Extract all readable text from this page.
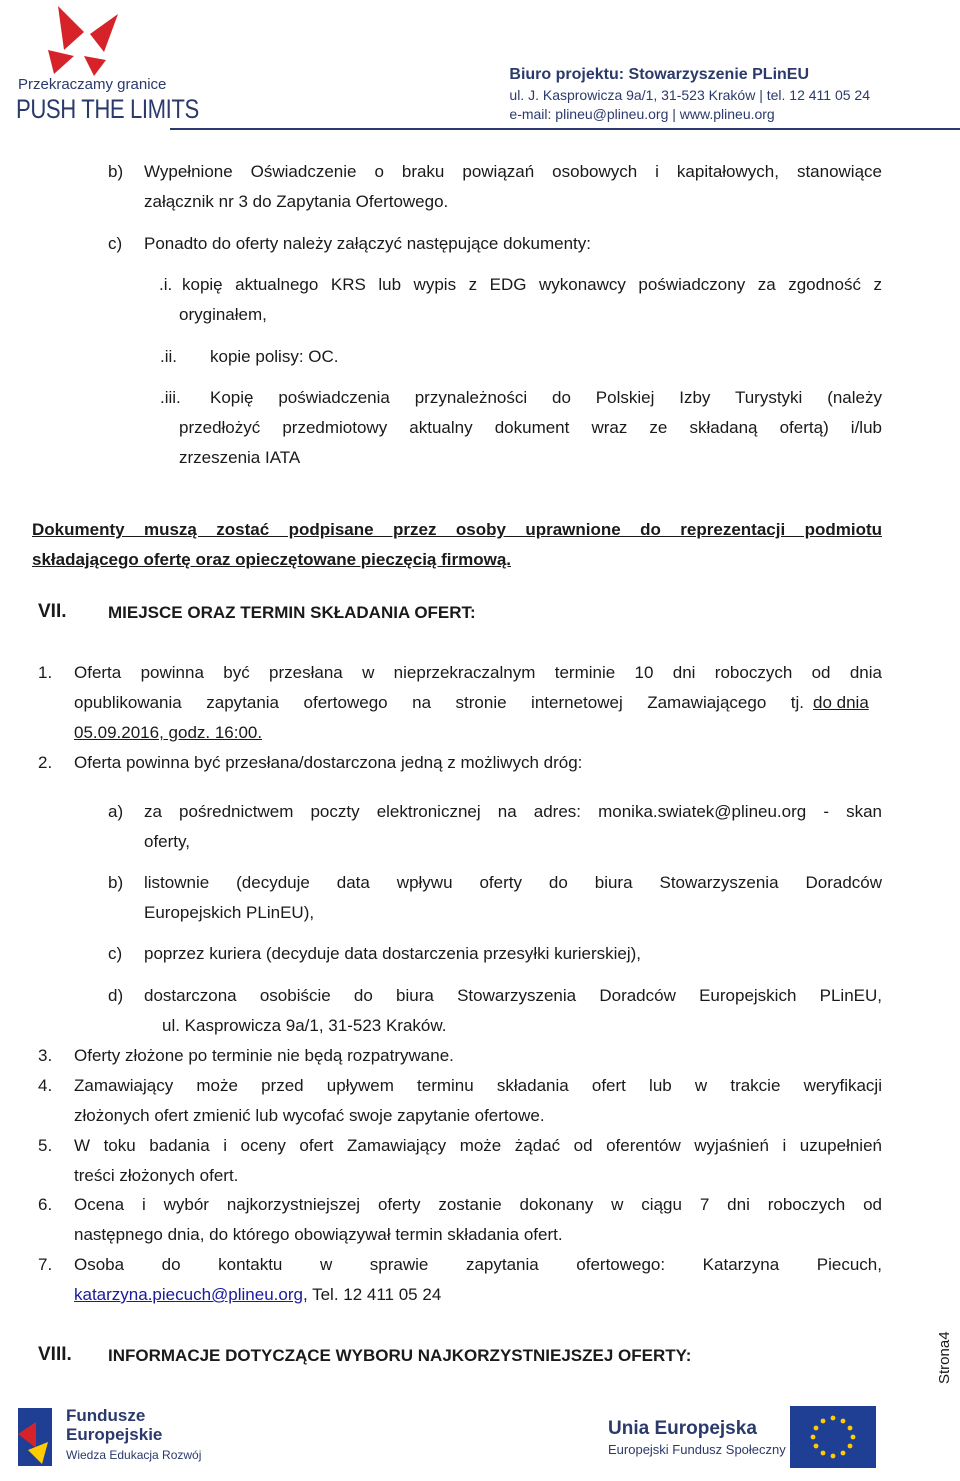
Przekraczamy granice
PUSH THE LIMITS
Biuro projektu: Stowarzyszenie PLinEU
ul. J. Kasprowicza 9a/1, 31-523 Kraków | tel. 12 411 05 24
e-mail: plineu@plineu.org | www.plineu.org
b) Wypełnione Oświadczenie o braku powiązań osobowych i kapitałowych, stanowiące
załącznik nr 3 do Zapytania Ofertowego.
c) Ponadto do oferty należy załączyć następujące dokumenty:
.i. kopię aktualnego KRS lub wypis z EDG wykonawcy poświadczony za zgodność z
oryginałem,
.ii. kopie polisy: OC.
.iii. Kopię poświadczenia przynależności do Polskiej Izby Turystyki (należy
przedłożyć przedmiotowy aktualny dokument wraz ze składaną ofertą) i/lub
zrzeszenia IATA
Dokumenty muszą zostać podpisane przez osoby uprawnione do reprezentacji podmiotu
składającego ofertę oraz opieczętowane pieczęcią firmową.
VII. MIEJSCE ORAZ TERMIN SKŁADANIA OFERT:
1. Oferta powinna być przesłana w nieprzekraczalnym terminie 10 dni roboczych od dnia
opublikowania zapytania ofertowego na stronie internetowej Zamawiającego tj. do dnia
05.09.2016, godz. 16:00.
2. Oferta powinna być przesłana/dostarczona jedną z możliwych dróg:
a) za pośrednictwem poczty elektronicznej na adres: monika.swiatek@plineu.org - skan
oferty,
b) listownie (decyduje data wpływu oferty do biura Stowarzyszenia Doradców
Europejskich PLinEU),
c) poprzez kuriera (decyduje data dostarczenia przesyłki kurierskiej),
d) dostarczona osobiście do biura Stowarzyszenia Doradców Europejskich PLinEU,
ul. Kasprowicza 9a/1, 31-523 Kraków.
3. Oferty złożone po terminie nie będą rozpatrywane.
4. Zamawiający może przed upływem terminu składania ofert lub w trakcie weryfikacji
złożonych ofert zmienić lub wycofać swoje zapytanie ofertowe.
5. W toku badania i oceny ofert Zamawiający może żądać od oferentów wyjaśnień i uzupełnień
treści złożonych ofert.
6. Ocena i wybór najkorzystniejszej oferty zostanie dokonany w ciągu 7 dni roboczych od
następnego dnia, do którego obowiązywał termin składania ofert.
7. Osoba do kontaktu w sprawie zapytania ofertowego: Katarzyna Piecuch,
katarzyna.piecuch@plineu.org, Tel. 12 411 05 24
VIII. INFORMACJE DOTYCZĄCE WYBORU NAJKORZYSTNIEJSZEJ OFERTY:	Strona4
Fundusze
Europejskie
Wiedza Edukacja Rozwój
Unia Europejska
Europejski Fundusz Społeczny
